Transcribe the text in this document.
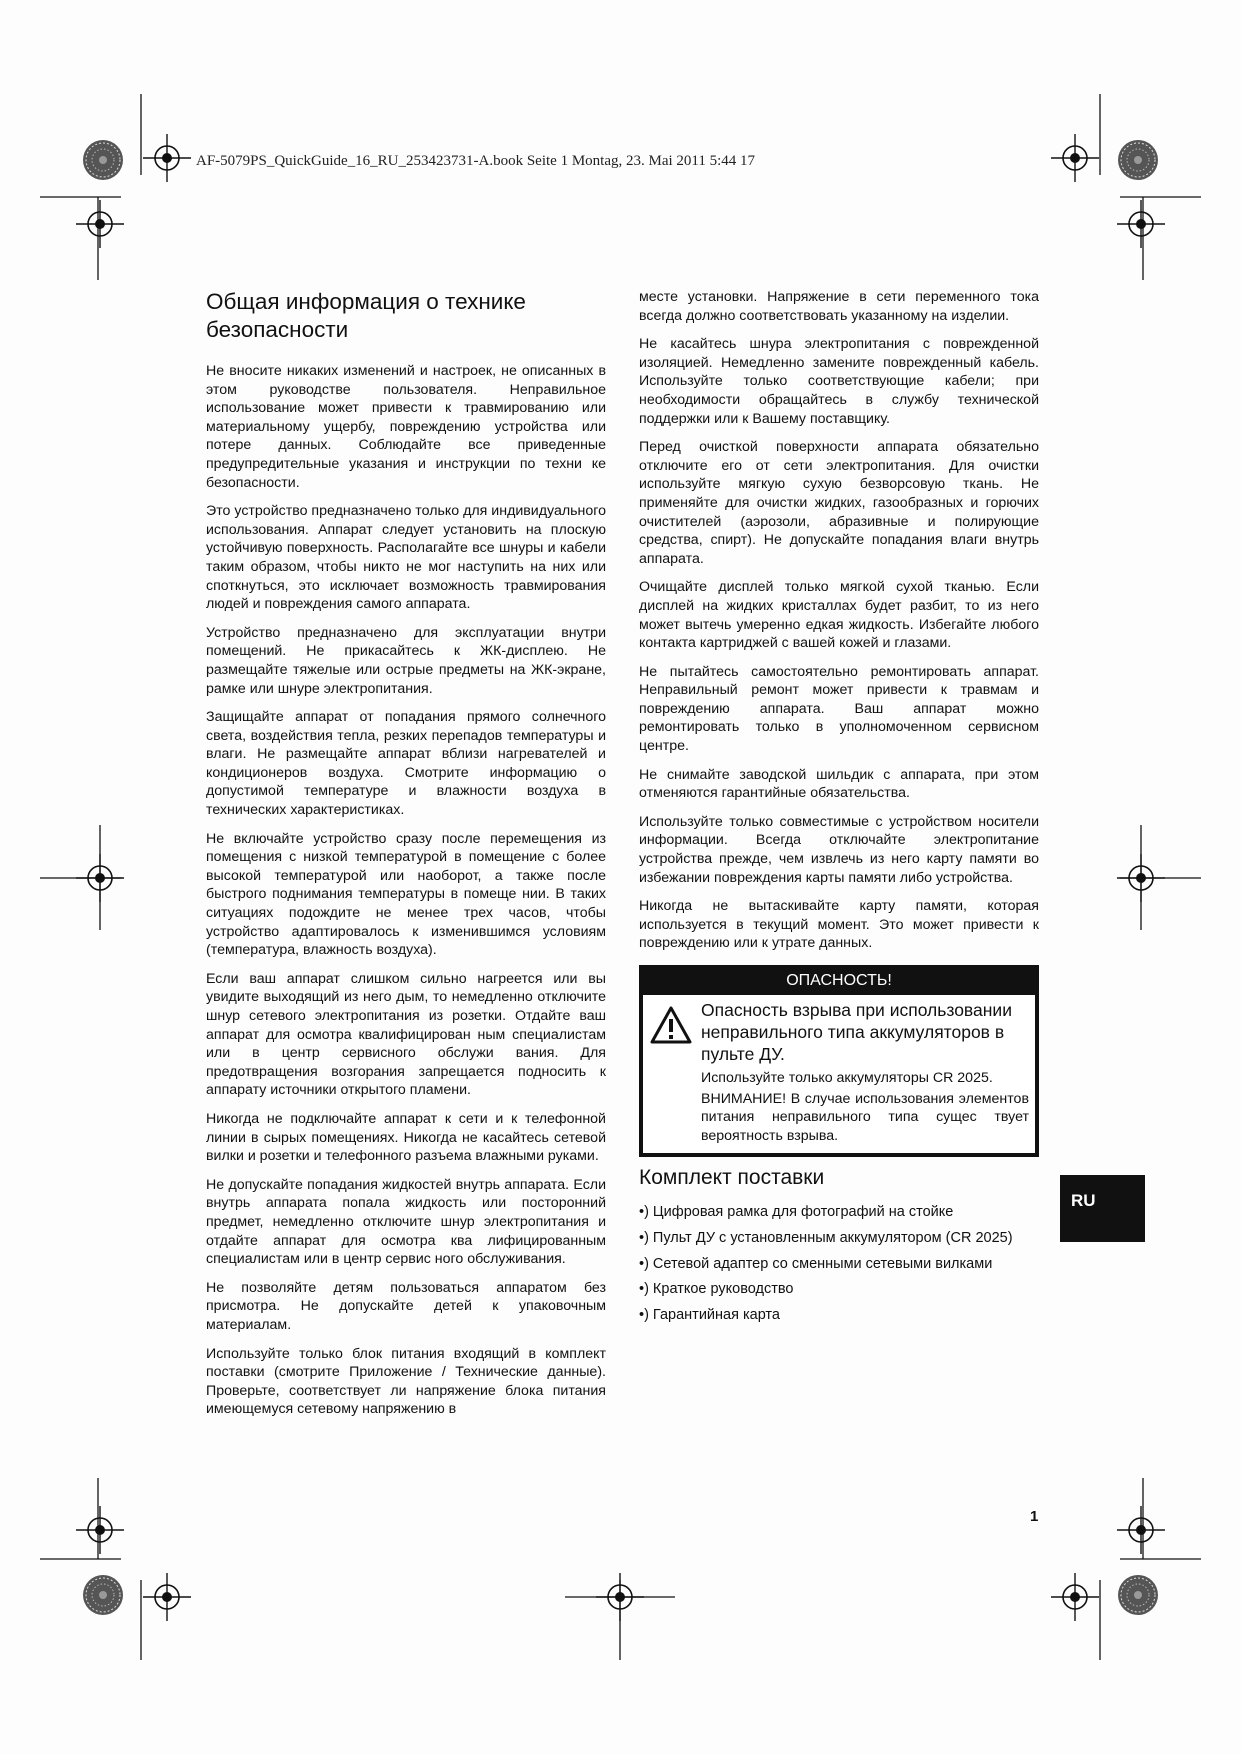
AF-5079PS_QuickGuide_16_RU_253423731-A.book Seite 1 Montag, 23. Mai 2011 5:44 17
Общая информация о технике безопасности

Не вносите никаких изменений и настроек, не описанных в этом руководстве пользователя. Неправильное использование может привести к травмированию или материальному ущербу, повреждению устройства или потере данных. Соблюдайте все приведенные предупредительные указания и инструкции по техни ке безопасности.

Это устройство предназначено только для индивидуального использования. Аппарат следует установить на плоскую устойчивую поверхность. Располагайте все шнуры и кабели таким образом, чтобы никто не мог наступить на них или споткнуться, это исключает возможность травмирования людей и повреждения самого аппарата.

Устройство предназначено для эксплуатации внутри помещений. Не прикасайтесь к ЖК-дисплею. Не размещайте тяжелые или острые предметы на ЖК-экране, рамке или шнуре электропитания.

Защищайте аппарат от попадания прямого солнечного света, воздействия тепла, резких перепадов температуры и влаги. Не размещайте аппарат вблизи нагревателей и кондиционеров воздуха. Смотрите информацию о допустимой температуре и влажности воздуха в технических характеристиках.

Не включайте устройство сразу после перемещения из помещения с низкой температурой в помещение с более высокой температурой или наоборот, а также после быстрого поднимания температуры в помеще нии. В таких ситуациях подождите не менее трех часов, чтобы устройство адаптировалось к изменившимся условиям (температура, влажность воздуха).

Если ваш аппарат слишком сильно нагреется или вы увидите выходящий из него дым, то немедленно отключите шнур сетевого электропитания из розетки. Отдайте ваш аппарат для осмотра квалифицирован ным специалистам или в центр сервисного обслужи вания. Для предотвращения возгорания запрещается подносить к аппарату источники открытого пламени.

Никогда не подключайте аппарат к сети и к телефонной линии в сырых помещениях. Никогда не касайтесь сетевой вилки и розетки и телефонного разъема влажными руками.

Не допускайте попадания жидкостей внутрь аппарата. Если внутрь аппарата попала жидкость или посторонний предмет, немедленно отключите шнур электропитания и отдайте аппарат для осмотра ква лифицированным специалистам или в центр сервис ного обслуживания.

Не позволяйте детям пользоваться аппаратом без присмотра. Не допускайте детей к упаковочным материалам.

Используйте только блок питания входящий в комплект поставки (смотрите Приложение / Технические данные). Проверьте, соответствует ли напряжение блока питания имеющемуся сетевому напряжению в

месте установки. Напряжение в сети переменного тока всегда должно соответствовать указанному на изделии.

Не касайтесь шнура электропитания с поврежденной изоляцией. Немедленно замените поврежденный кабель. Используйте только соответствующие кабели; при необходимости обращайтесь в службу технической поддержки или к Вашему поставщику.

Перед очисткой поверхности аппарата обязательно отключите его от сети электропитания. Для очистки используйте мягкую сухую безворсовую ткань. Не применяйте для очистки жидких, газообразных и горючих очистителей (аэрозоли, абразивные и полирующие средства, спирт). Не допускайте попадания влаги внутрь аппарата.

Очищайте дисплей только мягкой сухой тканью. Если дисплей на жидких кристаллах будет разбит, то из него может вытечь умеренно едкая жидкость. Избегайте любого контакта картриджей с вашей кожей и глазами.

Не пытайтесь самостоятельно ремонтировать аппарат. Неправильный ремонт может привести к травмам и повреждению аппарата. Ваш аппарат можно ремонтировать только в уполномоченном сервисном центре.

Не снимайте заводской шильдик с аппарата, при этом отменяются гарантийные обязательства.

Используйте только совместимые с устройством носители информации. Всегда отключайте электропитание устройства прежде, чем извлечь из него карту памяти во избежании повреждения карты памяти либо устройства.

Никогда не вытаскивайте карту памяти, которая используется в текущий момент. Это может привести к повреждению или к утрате данных.

ОПАСНОСТЬ!

Опасность взрыва при использовании неправильного типа аккумуляторов в пульте ДУ.

Используйте только аккумуляторы CR 2025.

ВНИМАНИЕ! В случае использования элементов питания неправильного типа сущес твует вероятность взрыва.

Комплект поставки
•) Цифровая рамка для фотографий на стойке
•) Пульт ДУ с установленным аккумулятором (CR 2025)
•) Сетевой адаптер со сменными сетевыми вилками
•) Краткое руководство
•) Гарантийная карта
RU
1
